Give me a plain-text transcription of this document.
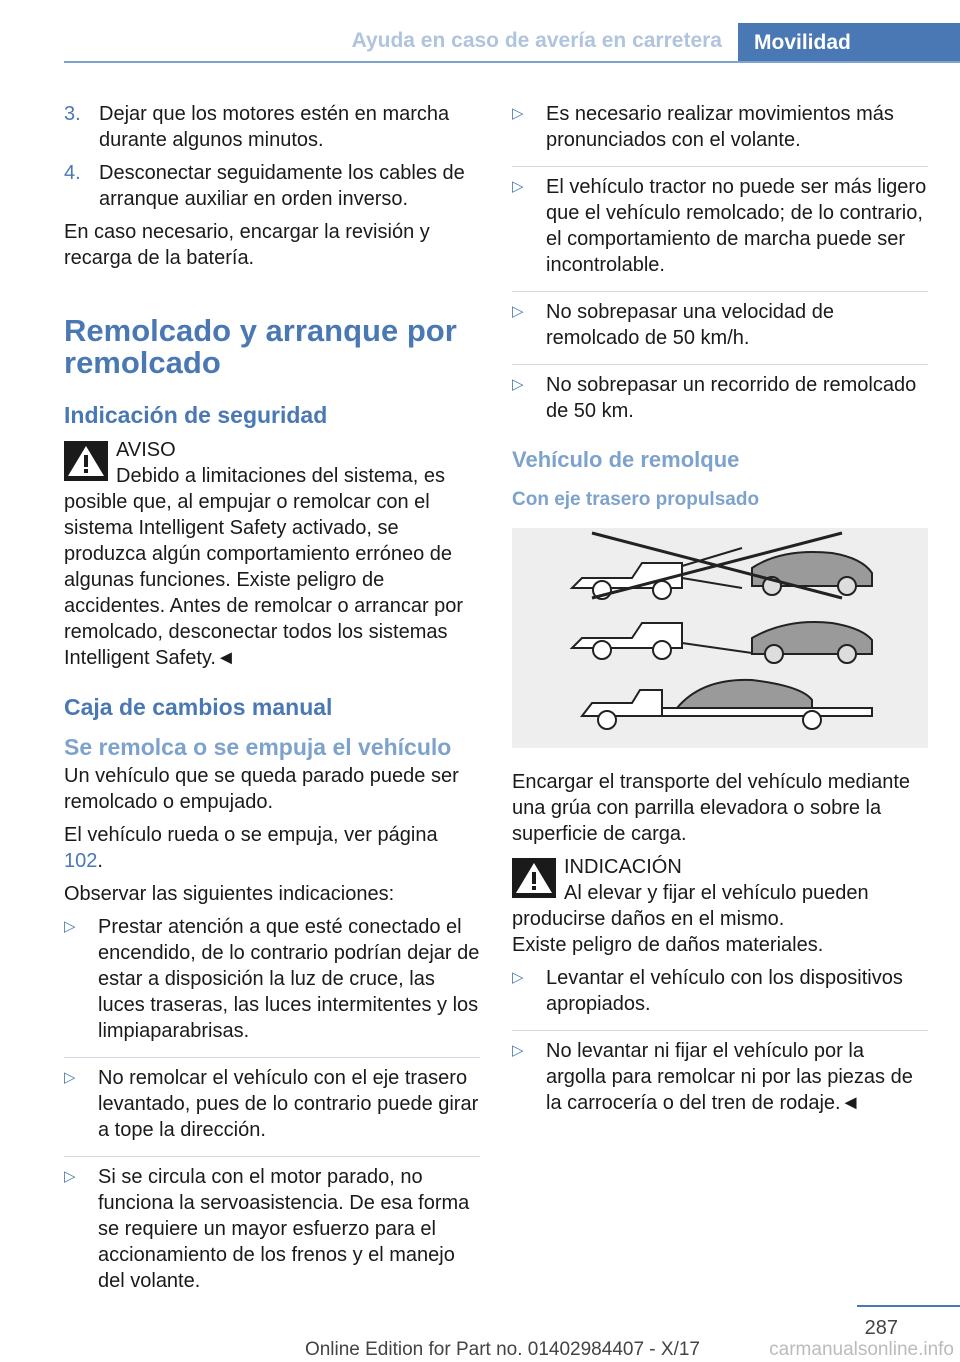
Ayuda en caso de avería en carretera	Movilidad
3. Dejar que los motores estén en marcha durante algunos minutos.
4. Desconectar seguidamente los cables de arranque auxiliar en orden inverso.

En caso necesario, encargar la revisión y recarga de la batería.

Remolcado y arranque por remolcado
Indicación de seguridad
AVISO
Debido a limitaciones del sistema, es posible que, al empujar o remolcar con el sistema Intelligent Safety activado, se produzca algún comportamiento erróneo de algunas funciones. Existe peligro de accidentes. Antes de remolcar o arrancar por remolcado, desconectar todos los sistemas Intelligent Safety.◄
Caja de cambios manual
Se remolca o se empuja el vehículo

Un vehículo que se queda parado puede ser remolcado o empujado.

El vehículo rueda o se empuja, ver página 102.

Observar las siguientes indicaciones:

▷	Prestar atención a que esté conectado el encendido, de lo contrario podrían dejar de estar a disposición la luz de cruce, las luces traseras, las luces intermitentes y los limpiaparabrisas.
▷	No remolcar el vehículo con el eje trasero levantado, pues de lo contrario puede girar a tope la dirección.
▷	Si se circula con el motor parado, no funciona la servoasistencia. De esa forma se requiere un mayor esfuerzo para el accionamiento de los frenos y el manejo del volante.
▷	Es necesario realizar movimientos más pronunciados con el volante.
▷	El vehículo tractor no puede ser más ligero que el vehículo remolcado; de lo contrario, el comportamiento de marcha puede ser incontrolable.
▷	No sobrepasar una velocidad de remolcado de 50 km/h.
▷	No sobrepasar un recorrido de remolcado de 50 km.
Vehículo de remolque
Con eje trasero propulsado

Encargar el transporte del vehículo mediante una grúa con parrilla elevadora o sobre la superficie de carga.

INDICACIÓN
Al elevar y fijar el vehículo pueden producirse daños en el mismo.

Existe peligro de daños materiales.

▷	Levantar el vehículo con los dispositivos apropiados.
▷	No levantar ni fijar el vehículo por la argolla para remolcar ni por las piezas de la carrocería o del tren de rodaje.◄
287
Online Edition for Part no. 01402984407 - X/17	carmanualsonline.info
